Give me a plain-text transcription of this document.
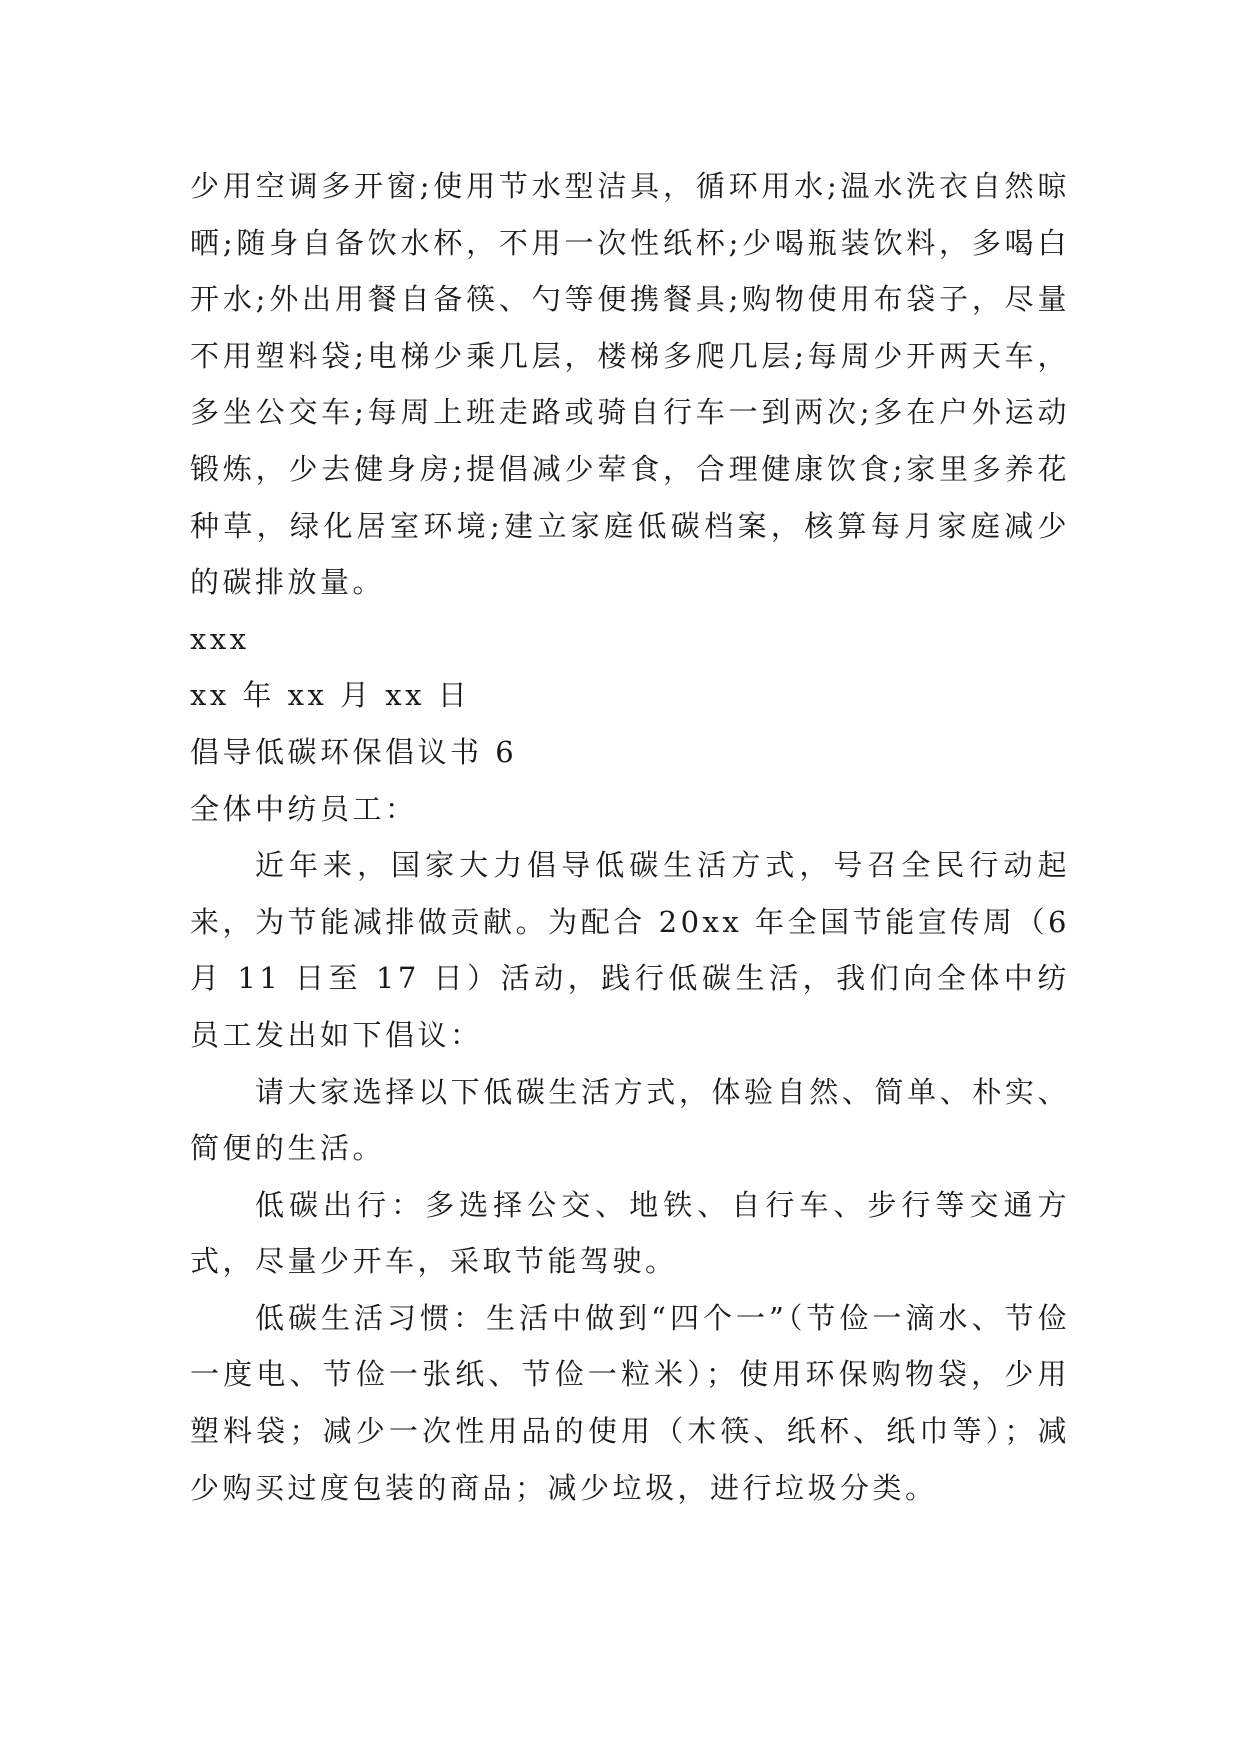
少用空调多开窗;使用节水型洁具，循环用水;温水洗衣自然晾晒;随身自备饮水杯，不用一次性纸杯;少喝瓶装饮料，多喝白开水;外出用餐自备筷、勺等便携餐具;购物使用布袋子，尽量不用塑料袋;电梯少乘几层，楼梯多爬几层;每周少开两天车，多坐公交车;每周上班走路或骑自行车一到两次;多在户外运动锻炼，少去健身房;提倡减少荤食，合理健康饮食;家里多养花种草，绿化居室环境;建立家庭低碳档案，核算每月家庭减少的碳排放量。

xxx

xx 年 xx 月 xx 日

倡导低碳环保倡议书 6

全体中纺员工：

近年来，国家大力倡导低碳生活方式，号召全民行动起来，为节能减排做贡献。为配合 20xx 年全国节能宣传周（6 月 11 日至 17 日）活动，践行低碳生活，我们向全体中纺员工发出如下倡议：

请大家选择以下低碳生活方式，体验自然、简单、朴实、简便的生活。

低碳出行：多选择公交、地铁、自行车、步行等交通方式，尽量少开车，采取节能驾驶。

低碳生活习惯：生活中做到“四个一”（节俭一滴水、节俭一度电、节俭一张纸、节俭一粒米）；使用环保购物袋，少用塑料袋；减少一次性用品的使用（木筷、纸杯、纸巾等）；减少购买过度包装的商品；减少垃圾，进行垃圾分类。
